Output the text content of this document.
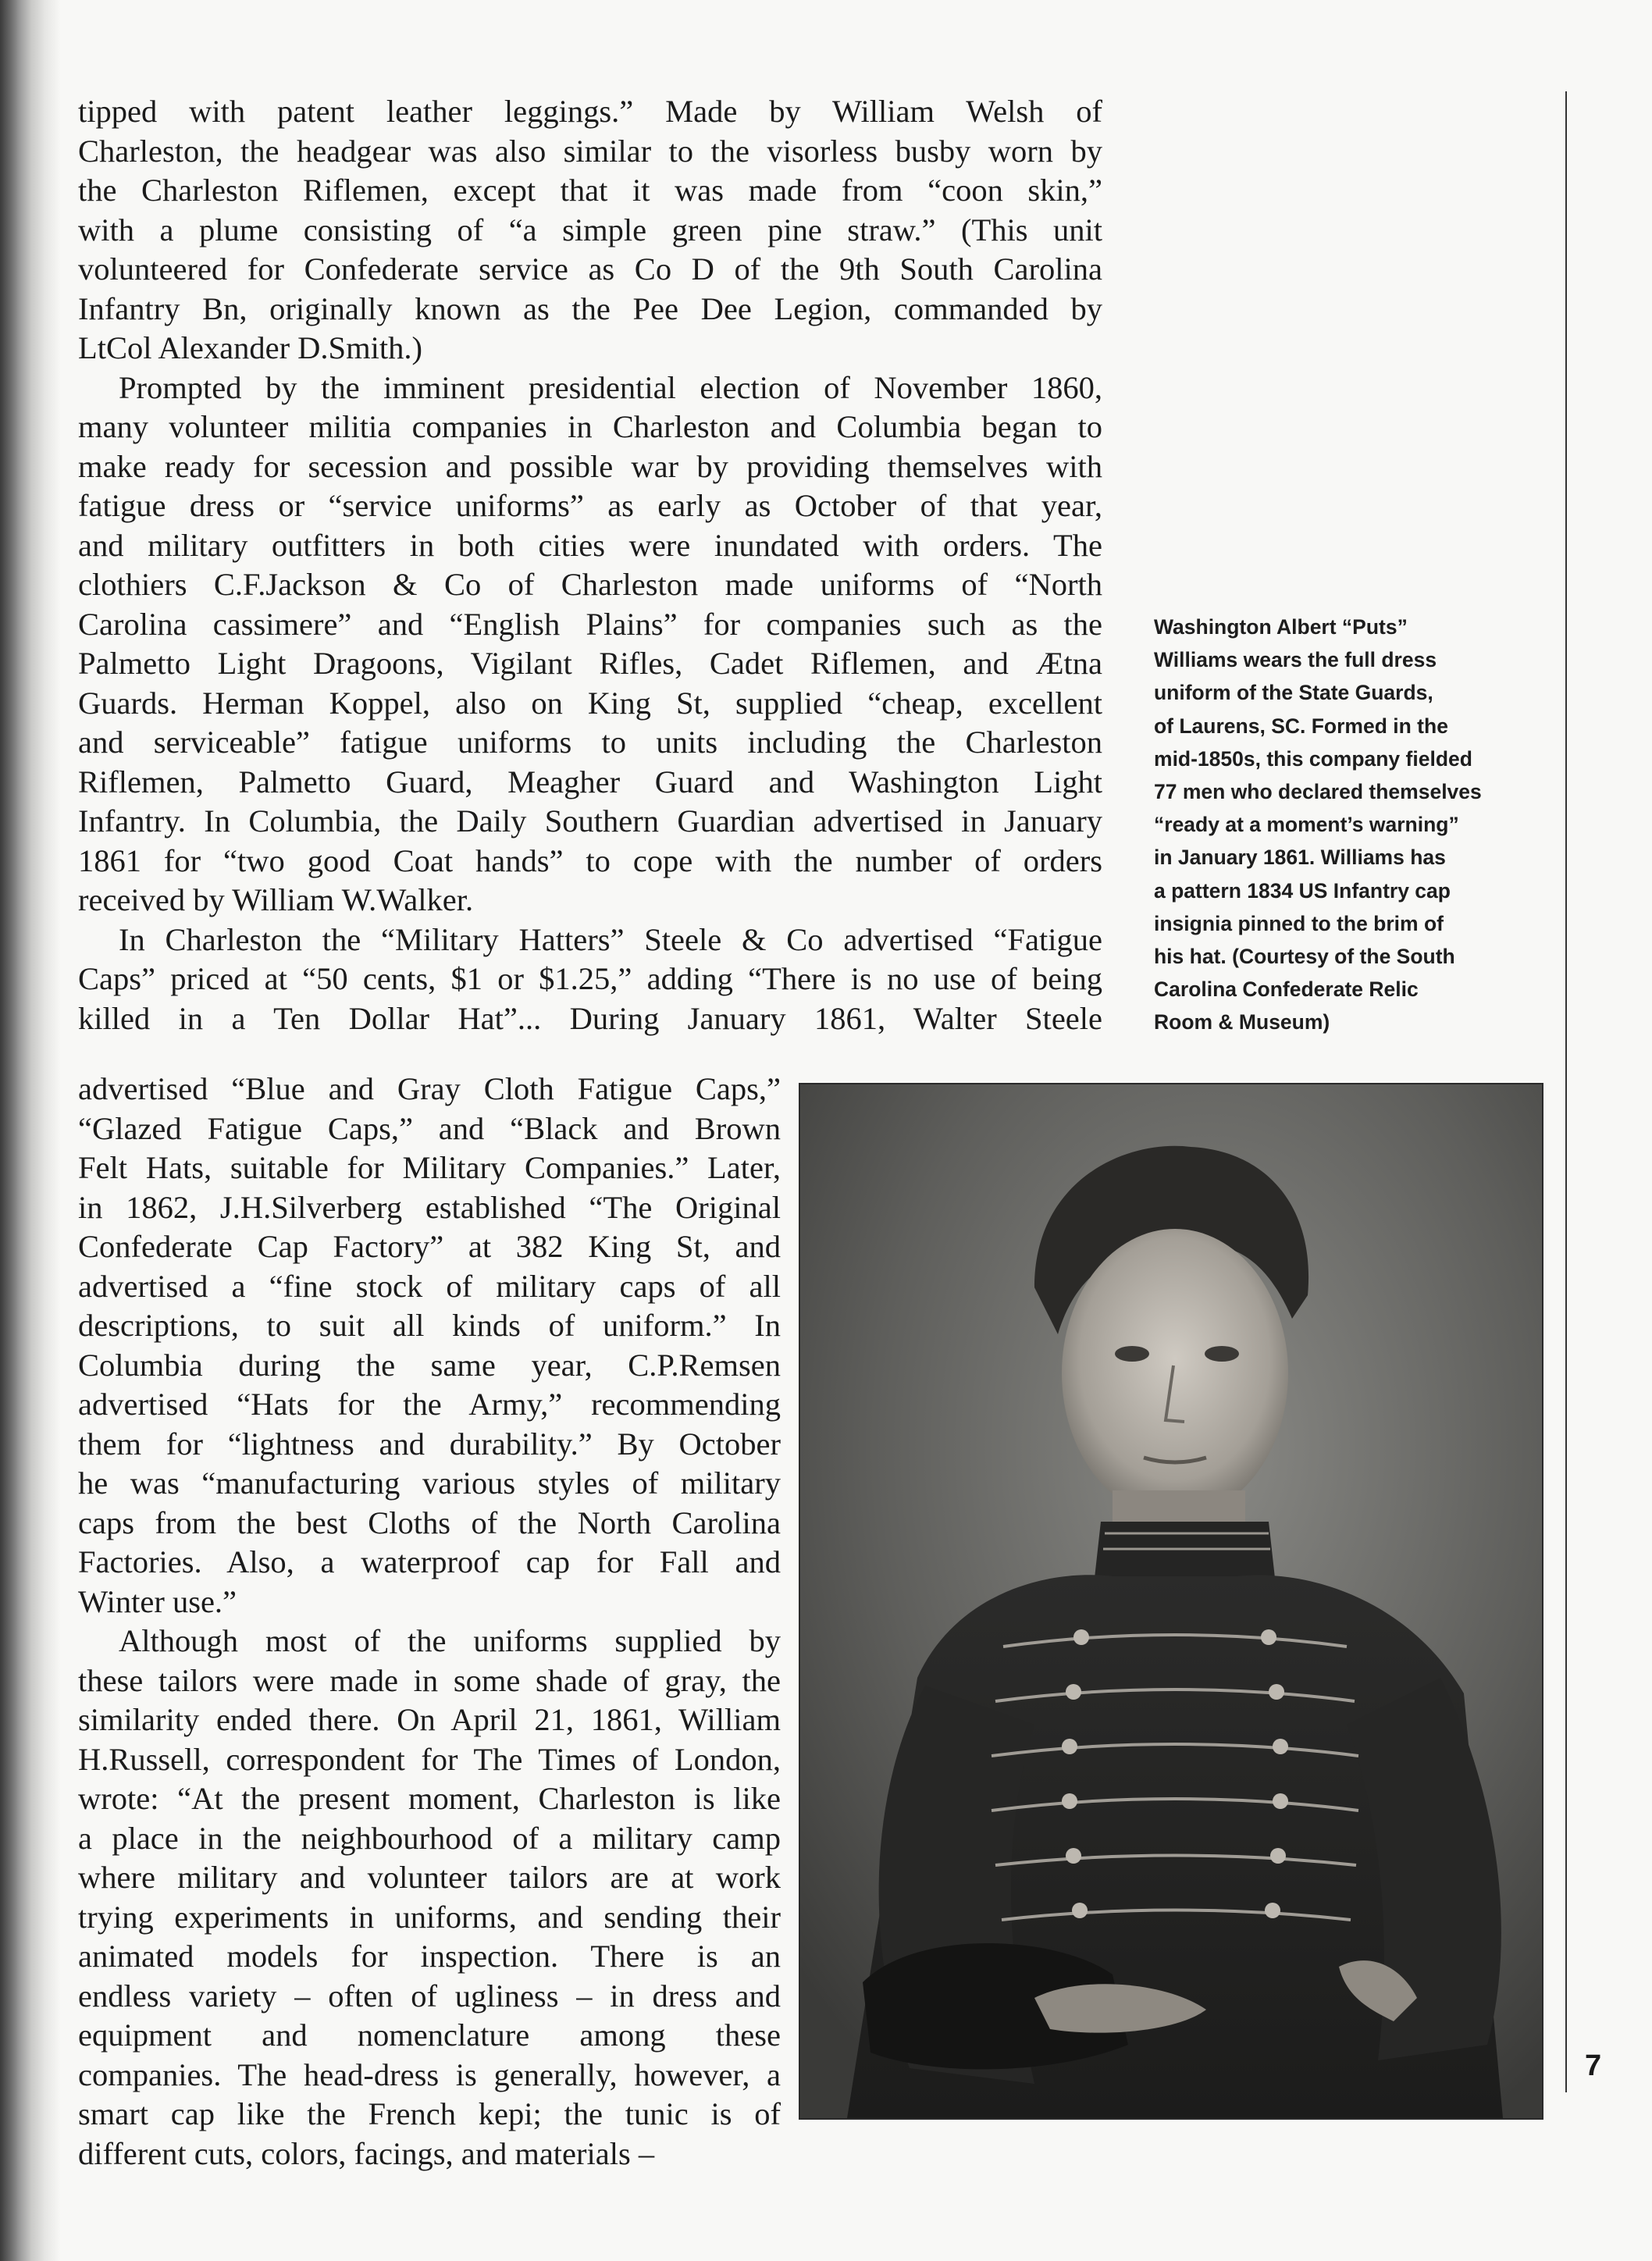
tipped with patent leather leggings.” Made by William Welsh of

Charleston, the headgear was also similar to the visorless busby worn by

the Charleston Riflemen, except that it was made from “coon skin,”

with a plume consisting of “a simple green pine straw.” (This unit

volunteered for Confederate service as Co D of the 9th South Carolina

Infantry Bn, originally known as the Pee Dee Legion, commanded by

LtCol Alexander D.Smith.)

Prompted by the imminent presidential election of November 1860,

many volunteer militia companies in Charleston and Columbia began to

make ready for secession and possible war by providing themselves with

fatigue dress or “service uniforms” as early as October of that year,

and military outfitters in both cities were inundated with orders. The

clothiers C.F.Jackson & Co of Charleston made uniforms of “North

Carolina cassimere” and “English Plains” for companies such as the

Palmetto Light Dragoons, Vigilant Rifles, Cadet Riflemen, and Ætna

Guards. Herman Koppel, also on King St, supplied “cheap, excellent

and serviceable” fatigue uniforms to units including the Charleston

Riflemen, Palmetto Guard, Meagher Guard and Washington Light

Infantry. In Columbia, the Daily Southern Guardian advertised in January

1861 for “two good Coat hands” to cope with the number of orders

received by William W.Walker.

In Charleston the “Military Hatters” Steele & Co advertised “Fatigue

Caps” priced at “50 cents, $1 or $1.25,” adding “There is no use of being

killed in a Ten Dollar Hat”... During January 1861, Walter Steele

advertised “Blue and Gray Cloth Fatigue Caps,”

“Glazed Fatigue Caps,” and “Black and Brown

Felt Hats, suitable for Military Companies.” Later,

in 1862, J.H.Silverberg established “The Original

Confederate Cap Factory” at 382 King St, and

advertised a “fine stock of military caps of all

descriptions, to suit all kinds of uniform.” In

Columbia during the same year, C.P.Remsen

advertised “Hats for the Army,” recommending

them for “lightness and durability.” By October

he was “manufacturing various styles of military

caps from the best Cloths of the North Carolina

Factories. Also, a waterproof cap for Fall and

Winter use.”

Although most of the uniforms supplied by

these tailors were made in some shade of gray, the

similarity ended there. On April 21, 1861, William

H.Russell, correspondent for The Times of London,

wrote: “At the present moment, Charleston is like

a place in the neighbourhood of a military camp

where military and volunteer tailors are at work

trying experiments in uniforms, and sending their

animated models for inspection. There is an

endless variety – often of ugliness – in dress and

equipment and nomenclature among these

companies. The head-dress is generally, however, a

smart cap like the French kepi; the tunic is of

different cuts, colors, facings, and materials –

Washington Albert “Puts”

Williams wears the full dress

uniform of the State Guards,

of Laurens, SC. Formed in the

mid-1850s, this company fielded

77 men who declared themselves

“ready at a moment’s warning”

in January 1861. Williams has

a pattern 1834 US Infantry cap

insignia pinned to the brim of

his hat. (Courtesy of the South

Carolina Confederate Relic

Room & Museum)

7
